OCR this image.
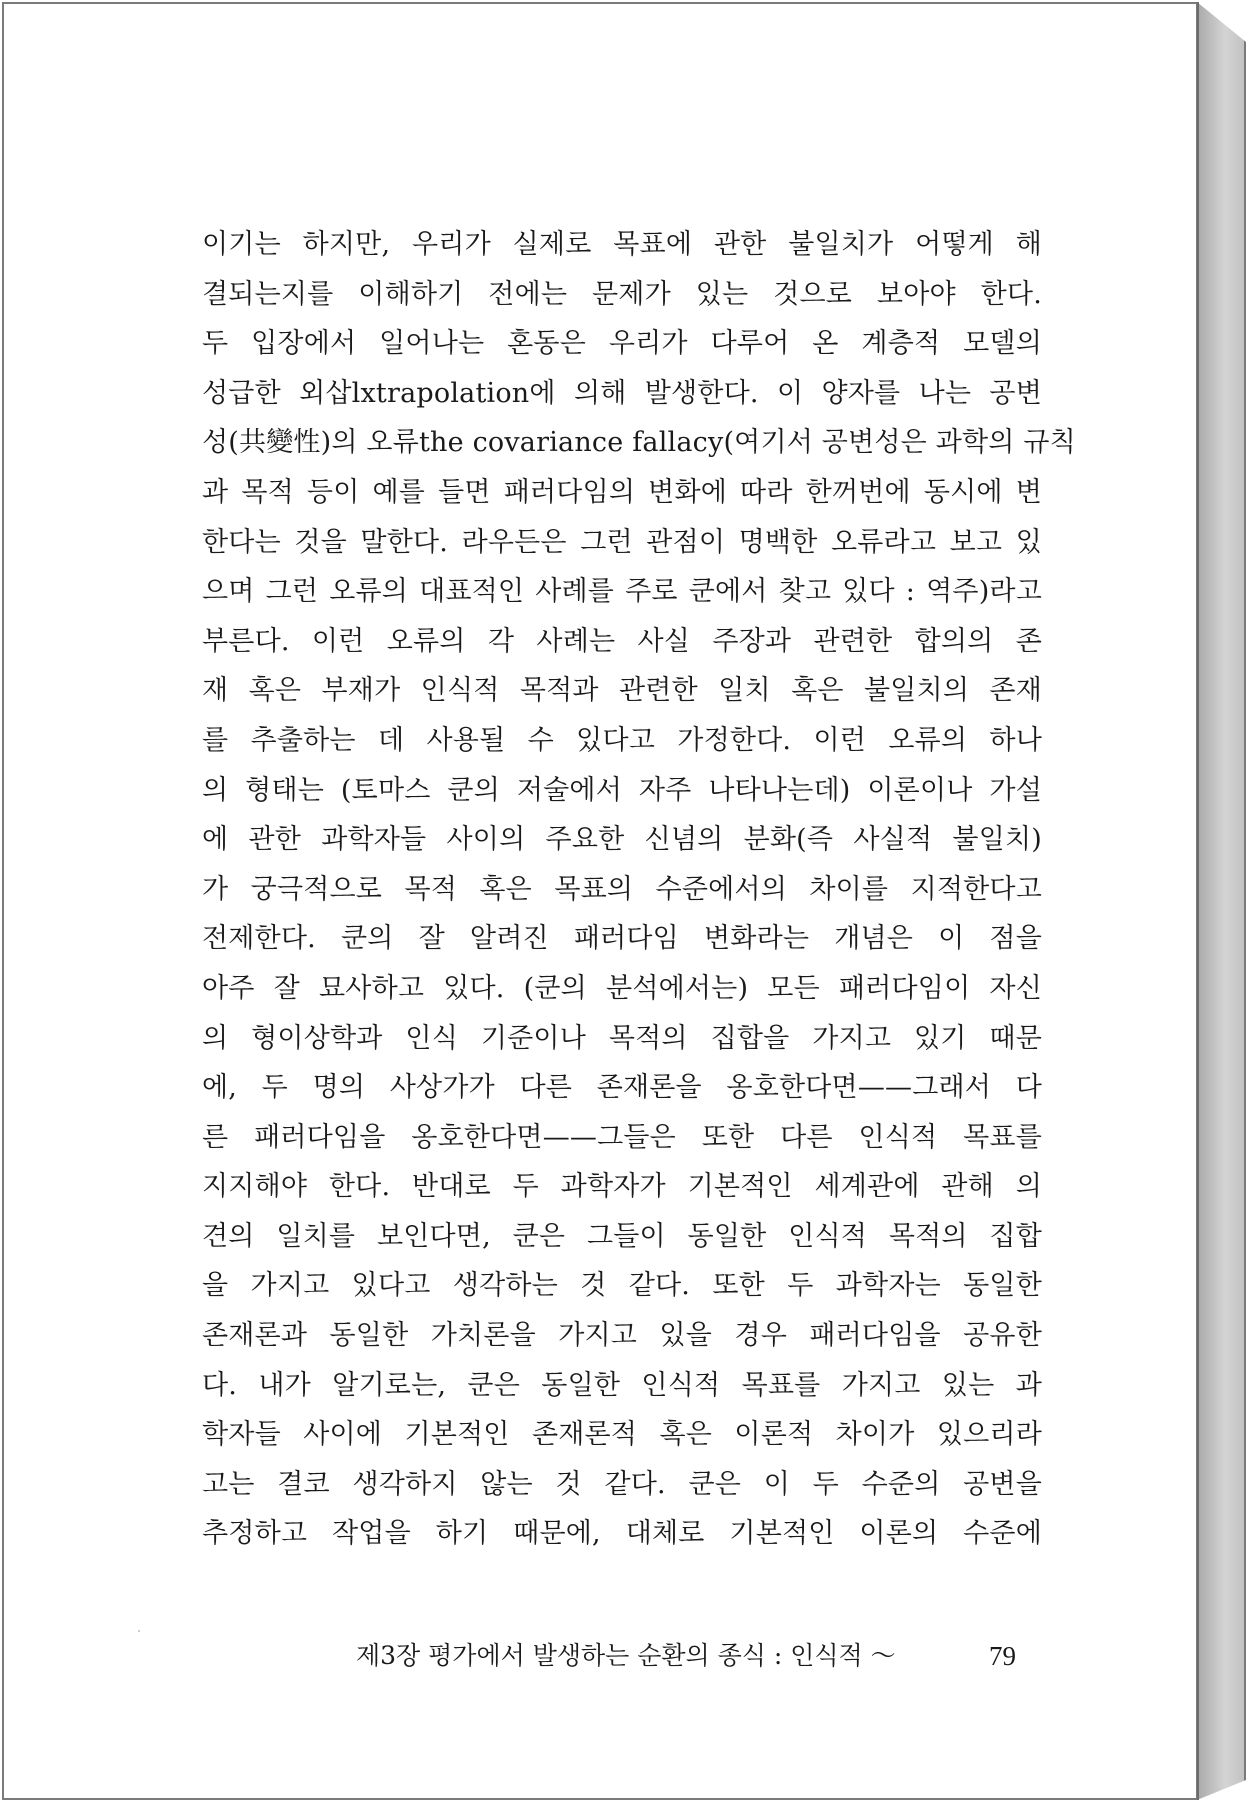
이기는 하지만, 우리가 실제로 목표에 관한 불일치가 어떻게 해
결되는지를 이해하기 전에는 문제가 있는 것으로 보아야 한다.
두 입장에서 일어나는 혼동은 우리가 다루어 온 계층적 모델의
성급한 외삽lxtrapolation에 의해 발생한다. 이 양자를 나는 공변
성(共變性)의 오류the covariance fallacy(여기서 공변성은 과학의 규칙
과 목적 등이 예를 들면 패러다임의 변화에 따라 한꺼번에 동시에 변
한다는 것을 말한다. 라우든은 그런 관점이 명백한 오류라고 보고 있
으며 그런 오류의 대표적인 사례를 주로 쿤에서 찾고 있다 : 역주)라고
부른다. 이런 오류의 각 사례는 사실 주장과 관련한 합의의 존
재 혹은 부재가 인식적 목적과 관련한 일치 혹은 불일치의 존재
를 추출하는 데 사용될 수 있다고 가정한다. 이런 오류의 하나
의 형태는 (토마스 쿤의 저술에서 자주 나타나는데) 이론이나 가설
에 관한 과학자들 사이의 주요한 신념의 분화(즉 사실적 불일치)
가 궁극적으로 목적 혹은 목표의 수준에서의 차이를 지적한다고
전제한다. 쿤의 잘 알려진 패러다임 변화라는 개념은 이 점을
아주 잘 묘사하고 있다. (쿤의 분석에서는) 모든 패러다임이 자신
의 형이상학과 인식 기준이나 목적의 집합을 가지고 있기 때문
에, 두 명의 사상가가 다른 존재론을 옹호한다면——그래서 다
른 패러다임을 옹호한다면——그들은 또한 다른 인식적 목표를
지지해야 한다. 반대로 두 과학자가 기본적인 세계관에 관해 의
견의 일치를 보인다면, 쿤은 그들이 동일한 인식적 목적의 집합
을 가지고 있다고 생각하는 것 같다. 또한 두 과학자는 동일한
존재론과 동일한 가치론을 가지고 있을 경우 패러다임을 공유한
다. 내가 알기로는, 쿤은 동일한 인식적 목표를 가지고 있는 과
학자들 사이에 기본적인 존재론적 혹은 이론적 차이가 있으리라
고는 결코 생각하지 않는 것 같다. 쿤은 이 두 수준의 공변을
추정하고 작업을 하기 때문에, 대체로 기본적인 이론의 수준에
제3장 평가에서 발생하는 순환의 종식 : 인식적 ～	79
